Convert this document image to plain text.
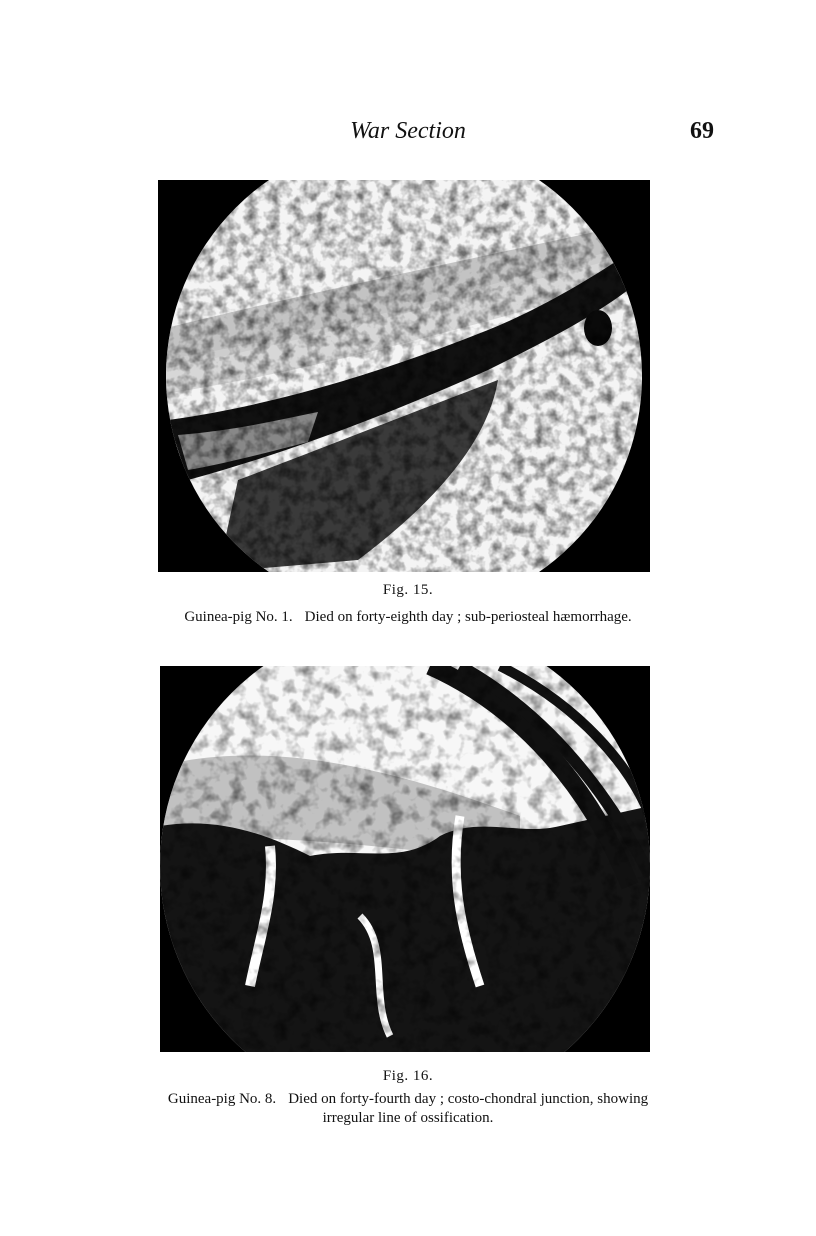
War Section	69
Fig. 15.
Guinea-pig No. 1. Died on forty-eighth day ; sub-periosteal hæmorrhage.
Fig. 16.
Guinea-pig No. 8. Died on forty-fourth day ; costo-chondral junction, showing
irregular line of ossification.
